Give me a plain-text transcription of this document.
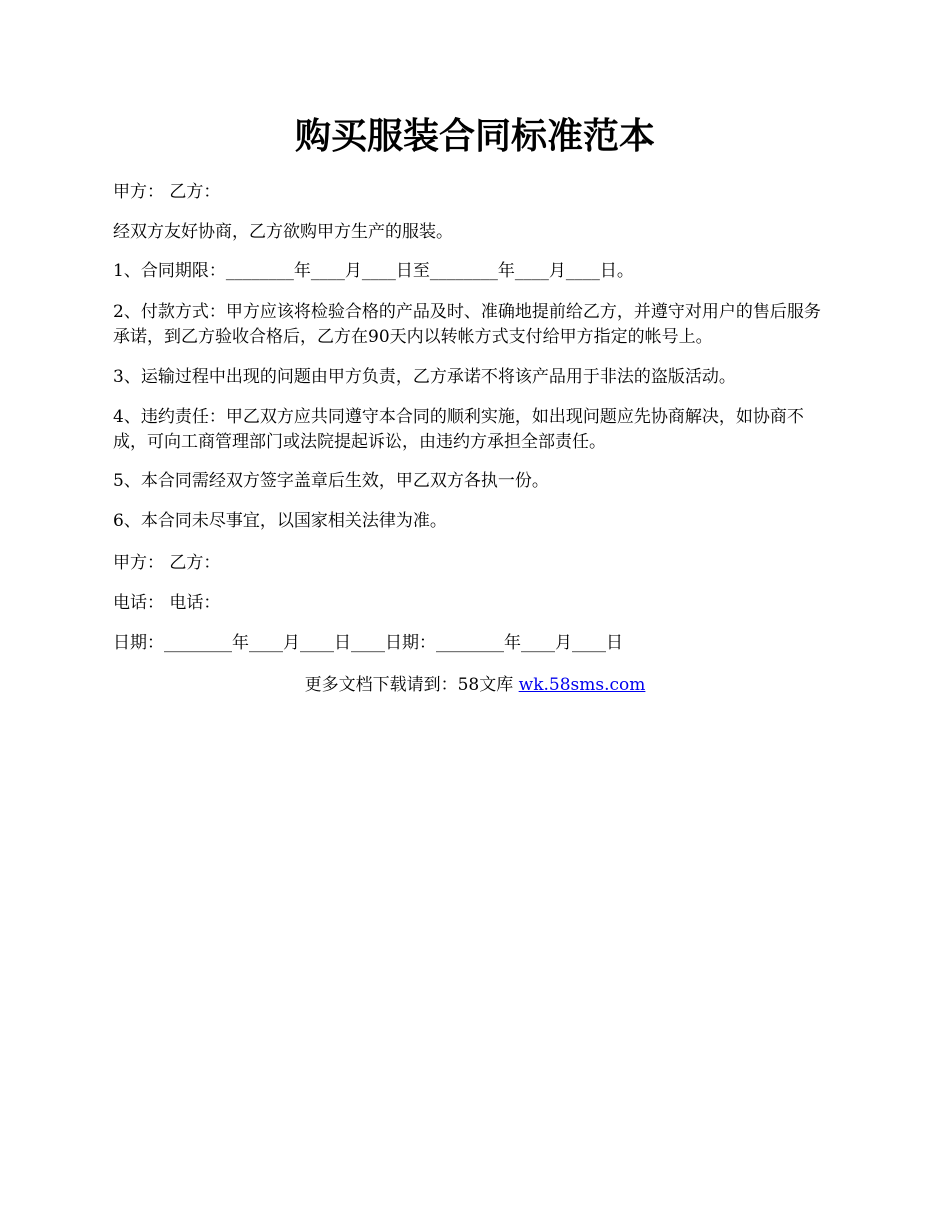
购买服装合同标准范本

甲方： 乙方：

经双方友好协商，乙方欲购甲方生产的服装。

1、合同期限：________年____月____日至________年____月____日。

2、付款方式：甲方应该将检验合格的产品及时、准确地提前给乙方，并遵守对用户的售后服务承诺，到乙方验收合格后，乙方在90天内以转帐方式支付给甲方指定的帐号上。

3、运输过程中出现的问题由甲方负责，乙方承诺不将该产品用于非法的盗版活动。

4、违约责任：甲乙双方应共同遵守本合同的顺利实施，如出现问题应先协商解决，如协商不成，可向工商管理部门或法院提起诉讼，由违约方承担全部责任。

5、本合同需经双方签字盖章后生效，甲乙双方各执一份。

6、本合同未尽事宜，以国家相关法律为准。

甲方： 乙方：

电话： 电话：

日期：________年____月____日____日期：________年____月____日

更多文档下载请到：58文库 wk.58sms.com
